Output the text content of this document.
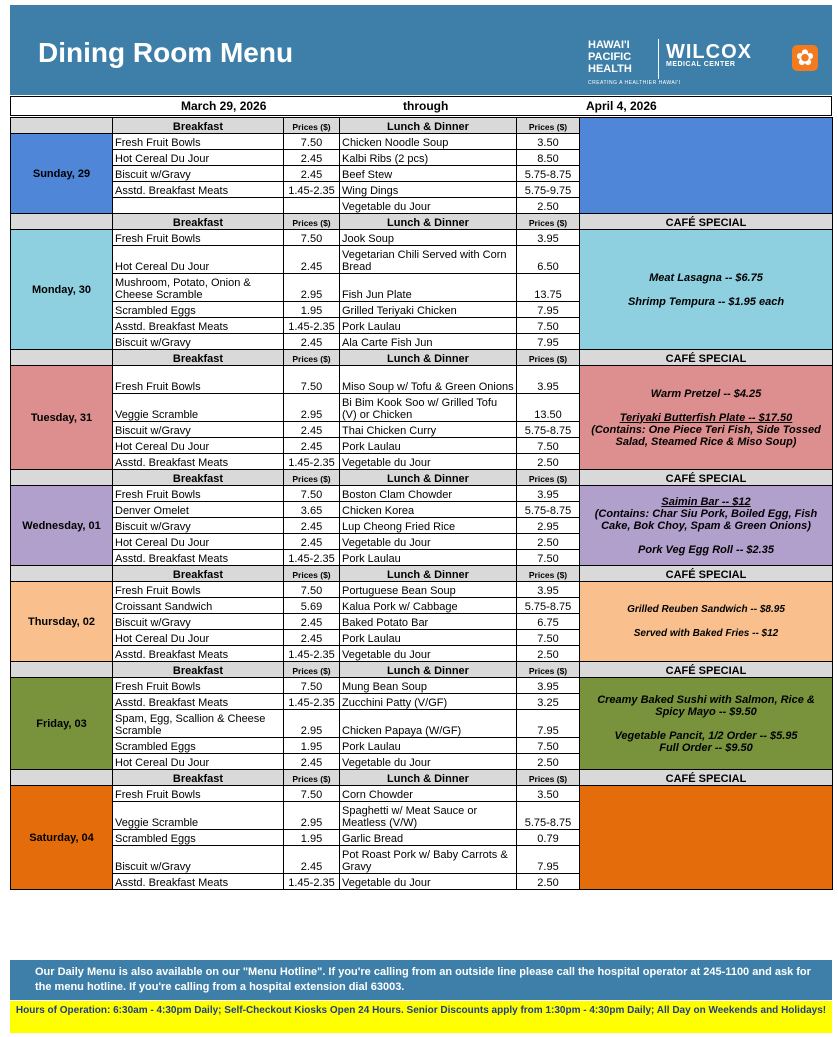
Dining Room Menu	HAWAI'I
PACIFIC
HEALTH
CREATING A HEALTHIER HAWAI'I
WILCOX
MEDICAL CENTER	✿
March 29, 2026	through	April 4, 2026
	Breakfast	Prices ($)	Lunch & Dinner	Prices ($)	
Sunday, 29	Fresh Fruit Bowls	7.50	Chicken Noodle Soup	3.50	
	Hot Cereal Du Jour	2.45	Kalbi Ribs (2 pcs)	8.50	
	Biscuit w/Gravy	2.45	Beef Stew	5.75-8.75	
	Asstd. Breakfast Meats	1.45-2.35	Wing Dings	5.75-9.75	
			Vegetable du Jour	2.50	
	Breakfast	Prices ($)	Lunch & Dinner	Prices ($)	CAFÉ SPECIAL
Monday, 30	Fresh Fruit Bowls	7.50	Jook Soup	3.95	Meat Lasagna -- $6.75
Shrimp Tempura -- $1.95 each

	Hot Cereal Du Jour	2.45	Vegetarian Chili Served with Corn Bread	6.50	
	Mushroom, Potato, Onion & Cheese Scramble	2.95	Fish Jun Plate	13.75	
	Scrambled Eggs	1.95	Grilled Teriyaki Chicken	7.95	
	Asstd. Breakfast Meats	1.45-2.35	Pork Laulau	7.50	
	Biscuit w/Gravy	2.45	Ala Carte Fish Jun	7.95	
	Breakfast	Prices ($)	Lunch & Dinner	Prices ($)	CAFÉ SPECIAL
Tuesday, 31	Fresh Fruit Bowls	7.50	Miso Soup w/ Tofu & Green Onions	3.95	Warm Pretzel -- $4.25
Teriyaki Butterfish Plate -- $17.50
(Contains: One Piece Teri Fish, Side Tossed Salad, Steamed Rice & Miso Soup)

	Veggie Scramble	2.95	Bi Bim Kook Soo w/ Grilled Tofu (V) or Chicken	13.50	
	Biscuit w/Gravy	2.45	Thai Chicken Curry	5.75-8.75	
	Hot Cereal Du Jour	2.45	Pork Laulau	7.50	
	Asstd. Breakfast Meats	1.45-2.35	Vegetable du Jour	2.50	
	Breakfast	Prices ($)	Lunch & Dinner	Prices ($)	CAFÉ SPECIAL
Wednesday, 01	Fresh Fruit Bowls	7.50	Boston Clam Chowder	3.95	Saimin Bar -- $12
(Contains: Char Siu Pork, Boiled Egg, Fish Cake, Bok Choy, Spam & Green Onions)
Pork Veg Egg Roll -- $2.35

	Denver Omelet	3.65	Chicken Korea	5.75-8.75	
	Biscuit w/Gravy	2.45	Lup Cheong Fried Rice	2.95	
	Hot Cereal Du Jour	2.45	Vegetable du Jour	2.50	
	Asstd. Breakfast Meats	1.45-2.35	Pork Laulau	7.50	
	Breakfast	Prices ($)	Lunch & Dinner	Prices ($)	CAFÉ SPECIAL
Thursday, 02	Fresh Fruit Bowls	7.50	Portuguese Bean Soup	3.95	Grilled Reuben Sandwich -- $8.95
Served with Baked Fries -- $12

	Croissant Sandwich	5.69	Kalua Pork w/ Cabbage	5.75-8.75	
	Biscuit w/Gravy	2.45	Baked Potato Bar	6.75	
	Hot Cereal Du Jour	2.45	Pork Laulau	7.50	
	Asstd. Breakfast Meats	1.45-2.35	Vegetable du Jour	2.50	
	Breakfast	Prices ($)	Lunch & Dinner	Prices ($)	CAFÉ SPECIAL
Friday, 03	Fresh Fruit Bowls	7.50	Mung Bean Soup	3.95	Creamy Baked Sushi with Salmon, Rice & Spicy Mayo -- $9.50
Vegetable Pancit, 1/2 Order -- $5.95
Full Order -- $9.50

	Asstd. Breakfast Meats	1.45-2.35	Zucchini Patty (V/GF)	3.25	
	Spam, Egg, Scallion & Cheese Scramble	2.95	Chicken Papaya (W/GF)	7.95	
	Scrambled Eggs	1.95	Pork Laulau	7.50	
	Hot Cereal Du Jour	2.45	Vegetable du Jour	2.50	
	Breakfast	Prices ($)	Lunch & Dinner	Prices ($)	CAFÉ SPECIAL
Saturday, 04	Fresh Fruit Bowls	7.50	Corn Chowder	3.50	
	Veggie Scramble	2.95	Spaghetti w/ Meat Sauce or Meatless (V/W)	5.75-8.75	
	Scrambled Eggs	1.95	Garlic Bread	0.79	
	Biscuit w/Gravy	2.45	Pot Roast Pork w/ Baby Carrots & Gravy	7.95	
	Asstd. Breakfast Meats	1.45-2.35	Vegetable du Jour	2.50	
Our Daily Menu is also available on our "Menu Hotline". If you're calling from an outside line please call the hospital operator at 245-1100 and ask for the menu hotline. If you're calling from a hospital extension dial 63003.
Hours of Operation: 6:30am - 4:30pm Daily; Self-Checkout Kiosks Open 24 Hours. Senior Discounts apply from 1:30pm - 4:30pm Daily; All Day on Weekends and Holidays!
